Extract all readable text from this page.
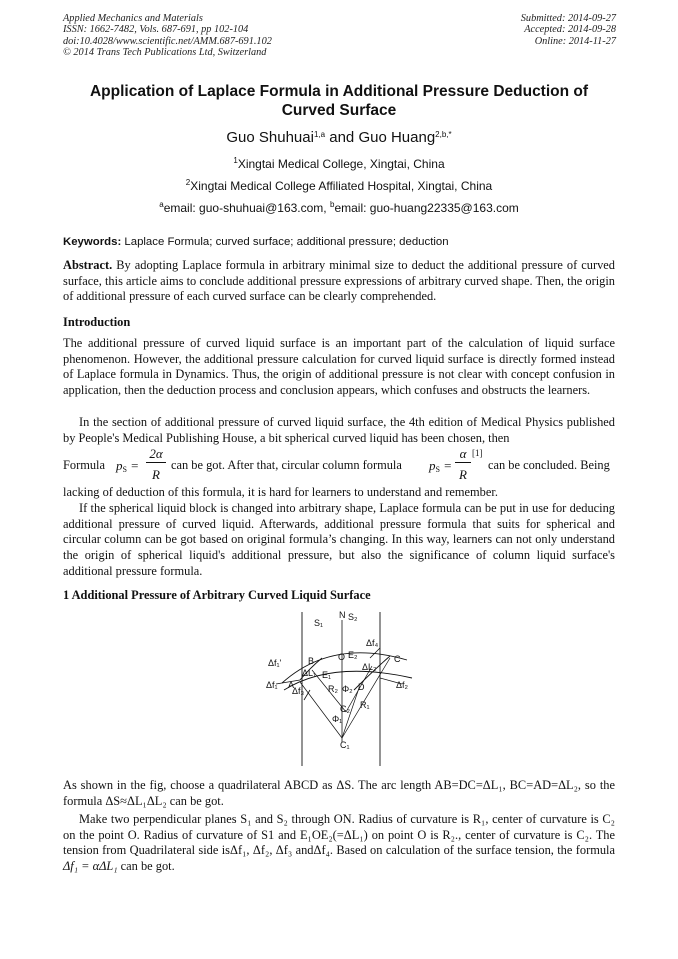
Applied Mechanics and Materials
ISSN: 1662-7482, Vols. 687-691, pp 102-104
doi:10.4028/www.scientific.net/AMM.687-691.102
© 2014 Trans Tech Publications Ltd, Switzerland
Submitted: 2014-09-27
Accepted: 2014-09-28
Online: 2014-11-27
Application of Laplace Formula in Additional Pressure Deduction of Curved Surface
Guo Shuhuai$^{1,a}$ and Guo Huang$^{2,b,*}$
$^1$Xingtai Medical College, Xingtai, China
$^2$Xingtai Medical College Affiliated Hospital, Xingtai, China
$^a$email: guo-shuhuai@163.com, $^b$email: guo-huang22335@163.com
Keywords: Laplace Formula; curved surface; additional pressure; deduction
Abstract. By adopting Laplace formula in arbitrary minimal size to deduct the additional pressure of curved surface, this article aims to conclude additional pressure expressions of arbitrary curved shape. Then, the origin of additional pressure of each curved surface can be clearly comprehended.
Introduction
The additional pressure of curved liquid surface is an important part of the calculation of liquid surface phenomenon. However, the additional pressure calculation for curved liquid surface is directly formed instead of Laplace formula in Dynamics. Thus, the origin of additional pressure is not clear with concept confusion in application, then the deduction process and conclusion appears, which confuses and obstructs the learners.
In the section of additional pressure of curved liquid surface, the 4th edition of Medical Physics published by People's Medical Publishing House, a bit spherical curved liquid has been chosen, then
Formula $p_S$ =
2α
R
can be got. After that, circular column formula $p_S$ =
α
R
[1]
can be concluded. Being
lacking of deduction of this formula, it is hard for learners to understand and remember.
If the spherical liquid block is changed into arbitrary shape, Laplace formula can be put in use for deducing additional pressure of curved liquid. Afterwards, additional pressure formula that suits for spherical and circular column can be got based on original formula’s changing. In this way, learners can not only understand the origin of spherical liquid's additional pressure, but also the significance of column liquid surface's additional pressure formula.
1 Additional Pressure of Arbitrary Curved Liquid Surface
N
S₁
S₂
Δf₄
Δf₃
B	O E₂	C
E₁
A	D
Δf₁	Δf₂
Δf₁'
R₂
R₁
C₂
C₁
Φ₁
Φ₂
ΔL₁
ΔL₂
As shown in the fig, choose a quadrilateral ABCD as ΔS. The arc length AB=DC=ΔL₁, BC=AD=ΔL₂, so the formula ΔS≈ΔL₁ΔL₂ can be got.
Make two perpendicular planes S₁ and S₂ through ON. Radius of curvature is R₁, center of curvature is C₂ on the point O. Radius of curvature of S1 and E₁OE₂(=ΔL₁) on point O is R₂., center of curvature is C₂. The tension from Quadrilateral side isΔf₁, Δf₂, Δf₃ andΔf₄. Based on calculation of the surface tension, the formula Δf₁ = αΔL₁ can be got.
